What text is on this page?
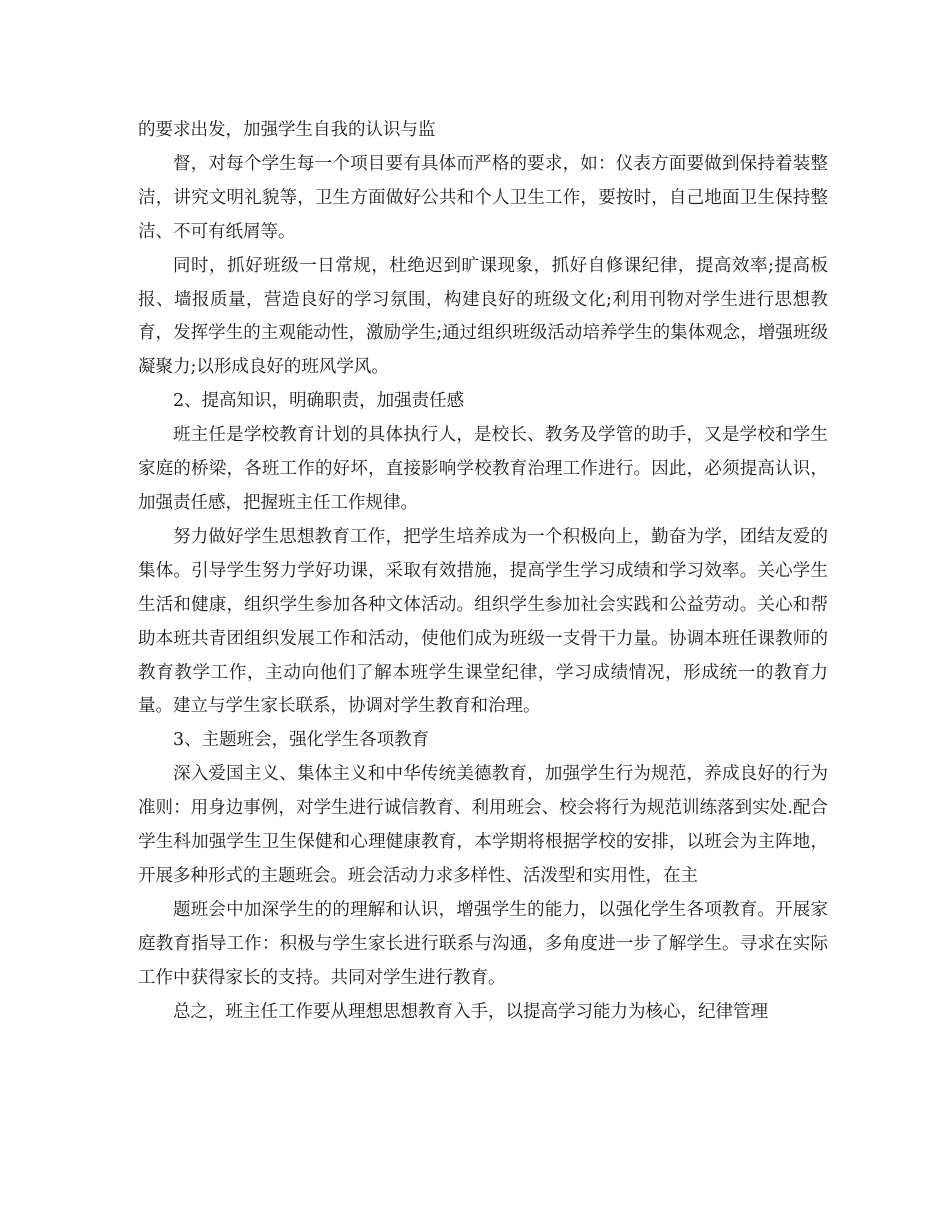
的要求出发，加强学生自我的认识与监

督，对每个学生每一个项目要有具体而严格的要求，如：仪表方面要做到保持着装整洁，讲究文明礼貌等，卫生方面做好公共和个人卫生工作，要按时，自己地面卫生保持整洁、不可有纸屑等。

同时，抓好班级一日常规，杜绝迟到旷课现象，抓好自修课纪律，提高效率;提高板报、墙报质量，营造良好的学习氛围，构建良好的班级文化;利用刊物对学生进行思想教育，发挥学生的主观能动性，激励学生;通过组织班级活动培养学生的集体观念，增强班级凝聚力;以形成良好的班风学风。

2、提高知识，明确职责，加强责任感

班主任是学校教育计划的具体执行人，是校长、教务及学管的助手，又是学校和学生家庭的桥梁，各班工作的好坏，直接影响学校教育治理工作进行。因此，必须提高认识，加强责任感，把握班主任工作规律。

努力做好学生思想教育工作，把学生培养成为一个积极向上，勤奋为学，团结友爱的集体。引导学生努力学好功课，采取有效措施，提高学生学习成绩和学习效率。关心学生生活和健康，组织学生参加各种文体活动。组织学生参加社会实践和公益劳动。关心和帮助本班共青团组织发展工作和活动，使他们成为班级一支骨干力量。协调本班任课教师的教育教学工作，主动向他们了解本班学生课堂纪律，学习成绩情况，形成统一的教育力量。建立与学生家长联系，协调对学生教育和治理。

3、主题班会，强化学生各项教育

深入爱国主义、集体主义和中华传统美德教育，加强学生行为规范，养成良好的行为准则：用身边事例，对学生进行诚信教育、利用班会、校会将行为规范训练落到实处.配合学生科加强学生卫生保健和心理健康教育，本学期将根据学校的安排，以班会为主阵地，开展多种形式的主题班会。班会活动力求多样性、活泼型和实用性，在主

题班会中加深学生的的理解和认识，增强学生的能力，以强化学生各项教育。开展家庭教育指导工作：积极与学生家长进行联系与沟通，多角度进一步了解学生。寻求在实际工作中获得家长的支持。共同对学生进行教育。

总之，班主任工作要从理想思想教育入手，以提高学习能力为核心，纪律管理
